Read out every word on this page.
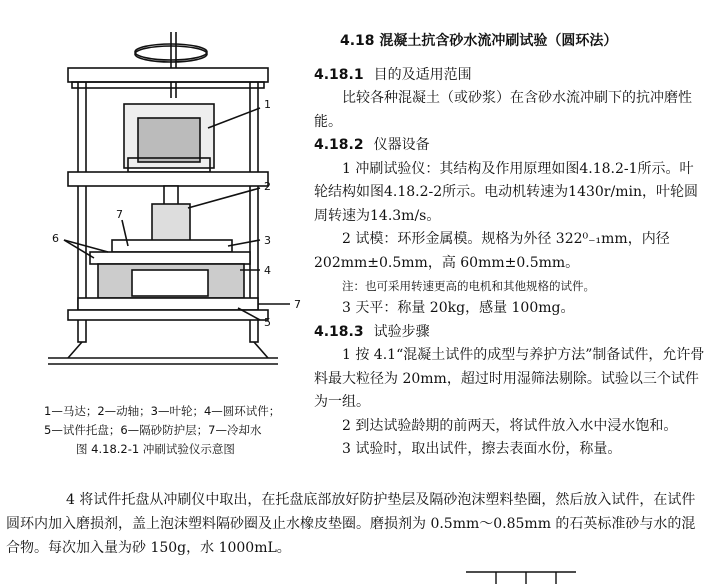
1
2
3
4
5
6
7
7
1—马达；2—动轴；3—叶轮；4—圆环试件；
5—试件托盘；6—隔砂防护层；7—冷却水
图 4.18.2-1 冲刷试验仪示意图
4.18 混凝土抗含砂水流冲刷试验（圆环法）
4.18.1 目的及适用范围
比较各种混凝土（或砂浆）在含砂水流冲刷下的抗冲磨性能。
4.18.2 仪器设备
1 冲刷试验仪：其结构及作用原理如图4.18.2-1所示。叶轮结构如图4.18.2-2所示。电动机转速为1430r/min，叶轮圆周转速为14.3m/s。
2 试模：环形金属模。规格为外径 322⁰₋₁mm，内径 202mm±0.5mm，高 60mm±0.5mm。
注：也可采用转速更高的电机和其他规格的试件。
3 天平：称量 20kg，感量 100mg。
4.18.3 试验步骤
1 按 4.1“混凝土试件的成型与养护方法”制备试件，允许骨料最大粒径为 20mm，超过时用湿筛法剔除。试验以三个试件为一组。
2 到达试验龄期的前两天，将试件放入水中浸水饱和。
3 试验时，取出试件，擦去表面水份，称量。
4 将试件托盘从冲刷仪中取出，在托盘底部放好防护垫层及隔砂泡沫塑料垫圈，然后放入试件，在试件圆环内加入磨损剂，盖上泡沫塑料隔砂圈及止水橡皮垫圈。磨损剂为 0.5mm～0.85mm 的石英标准砂与水的混合物。每次加入量为砂 150g，水 1000mL。
